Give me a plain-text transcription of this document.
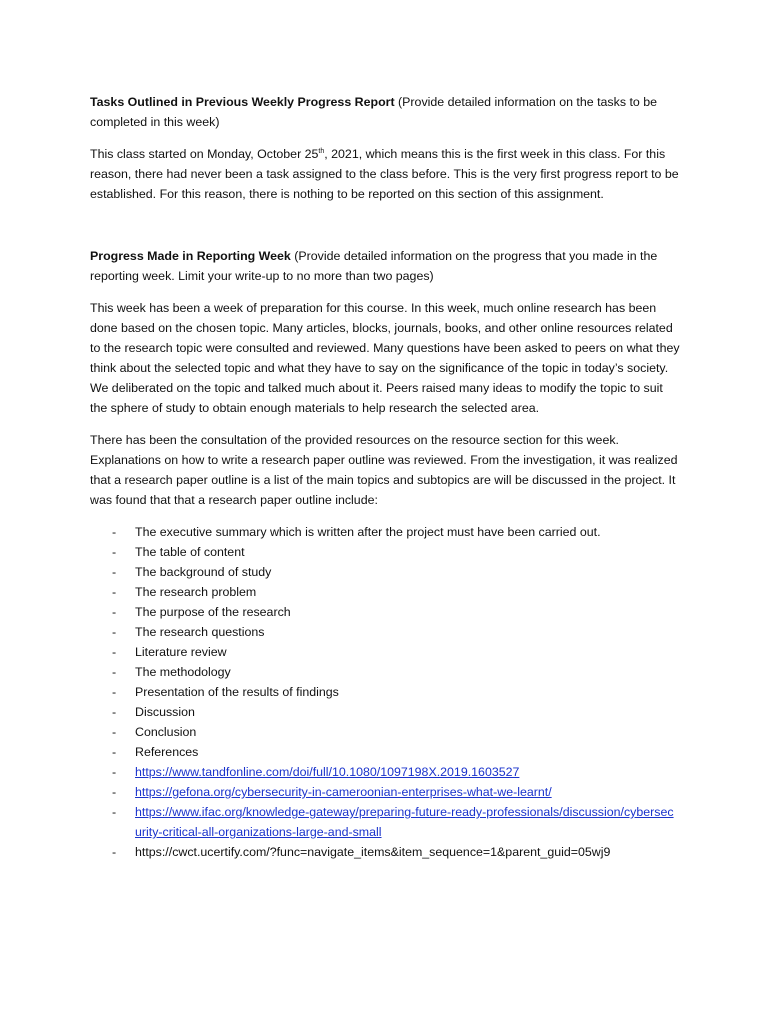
Tasks Outlined in Previous Weekly Progress Report (Provide detailed information on the tasks to be completed in this week)

This class started on Monday, October 25th, 2021, which means this is the first week in this class. For this reason, there had never been a task assigned to the class before. This is the very first progress report to be established. For this reason, there is nothing to be reported on this section of this assignment.

Progress Made in Reporting Week (Provide detailed information on the progress that you made in the reporting week. Limit your write-up to no more than two pages)

This week has been a week of preparation for this course. In this week, much online research has been done based on the chosen topic. Many articles, blocks, journals, books, and other online resources related to the research topic were consulted and reviewed. Many questions have been asked to peers on what they think about the selected topic and what they have to say on the significance of the topic in today’s society. We deliberated on the topic and talked much about it. Peers raised many ideas to modify the topic to suit the sphere of study to obtain enough materials to help research the selected area.

There has been the consultation of the provided resources on the resource section for this week. Explanations on how to write a research paper outline was reviewed. From the investigation, it was realized that a research paper outline is a list of the main topics and subtopics are will be discussed in the project. It was found that that a research paper outline include:

- The executive summary which is written after the project must have been carried out.
- The table of content
- The background of study
- The research problem
- The purpose of the research
- The research questions
- Literature review
- The methodology
- Presentation of the results of findings
- Discussion
- Conclusion
- References
- https://www.tandfonline.com/doi/full/10.1080/1097198X.2019.1603527
- https://gefona.org/cybersecurity-in-cameroonian-enterprises-what-we-learnt/
- https://www.ifac.org/knowledge-gateway/preparing-future-ready-professionals/discussion/cybersecurity-critical-all-organizations-large-and-small
- https://cwct.ucertify.com/?func=navigate_items&item_sequence=1&parent_guid=05wj9
